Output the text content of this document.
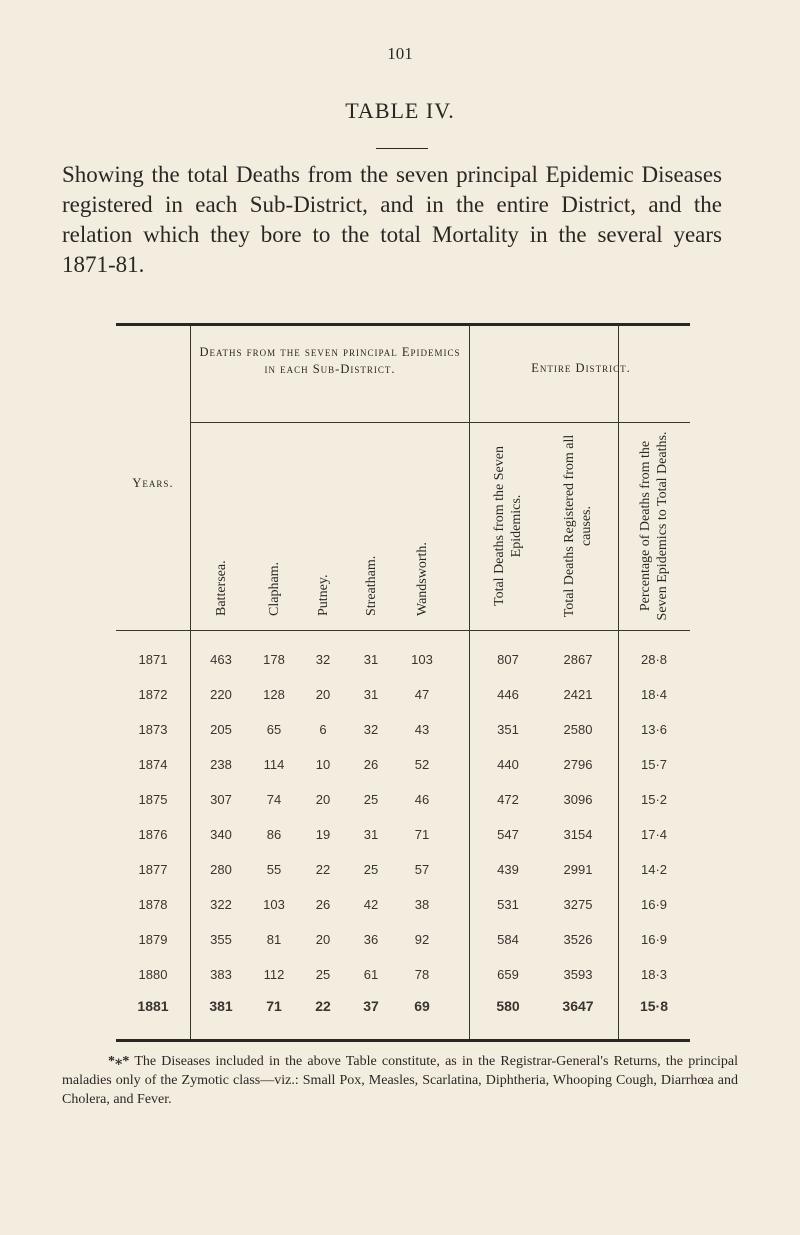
101
TABLE IV.
Showing the total Deaths from the seven principal Epidemic Diseases registered in each Sub-District, and in the entire District, and the relation which they bore to the total Mortality in the several years 1871-81.
Years.
Deaths from the seven principal Epidemics in each Sub-District.	Entire District.
Battersea.	Clapham.	Putney.	Streatham.	Wandsworth.	Total Deaths from the Seven Epidemics.	Total Deaths Registered from all causes.	Percentage of Deaths from the Seven Epidemics to Total Deaths.
1871	463	178	32	31	103	807	2867	28·8
1872	220	128	20	31	47	446	2421	18·4
1873	205	65	6	32	43	351	2580	13·6
1874	238	114	10	26	52	440	2796	15·7
1875	307	74	20	25	46	472	3096	15·2
1876	340	86	19	31	71	547	3154	17·4
1877	280	55	22	25	57	439	2991	14·2
1878	322	103	26	42	38	531	3275	16·9
1879	355	81	20	36	92	584	3526	16·9
1880	383	112	25	61	78	659	3593	18·3
1881	381	71	22	37	69	580	3647	15·8
*⁎* The Diseases included in the above Table constitute, as in the Registrar-General's Returns, the principal maladies only of the Zymotic class—viz.: Small Pox, Measles, Scarlatina, Diphtheria, Whooping Cough, Diarrhœa and Cholera, and Fever.
